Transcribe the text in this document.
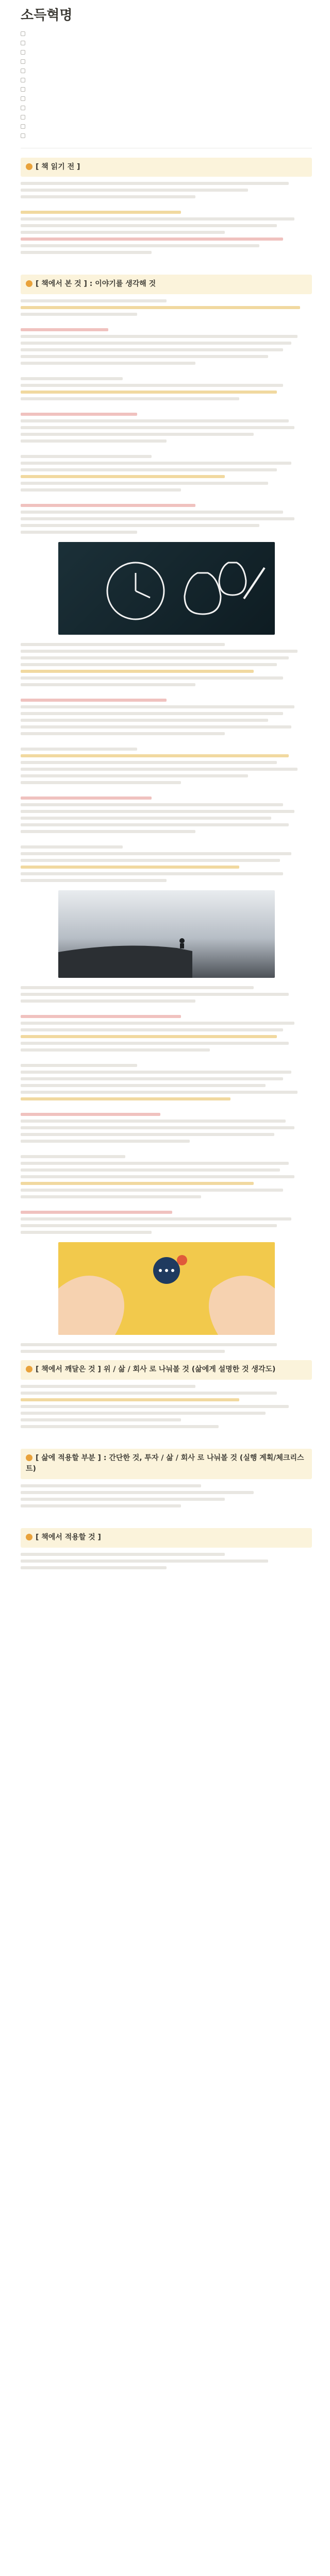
소득혁명
[ 책 읽기 전 ]
[ 책에서 본 것 ] : 이야기를 생각해 것
[ 책에서 깨달은 것 ] 위 / 삶 / 회사 로 나눠볼 것 (삶에게 설명한 것 생각도)
[ 삶에 적용할 부분 ] : 간단한 것, 투자 / 삶 / 회사 로 나눠볼 것 (실행 계획/체크리스트)
[ 책에서 적용할 것 ]
